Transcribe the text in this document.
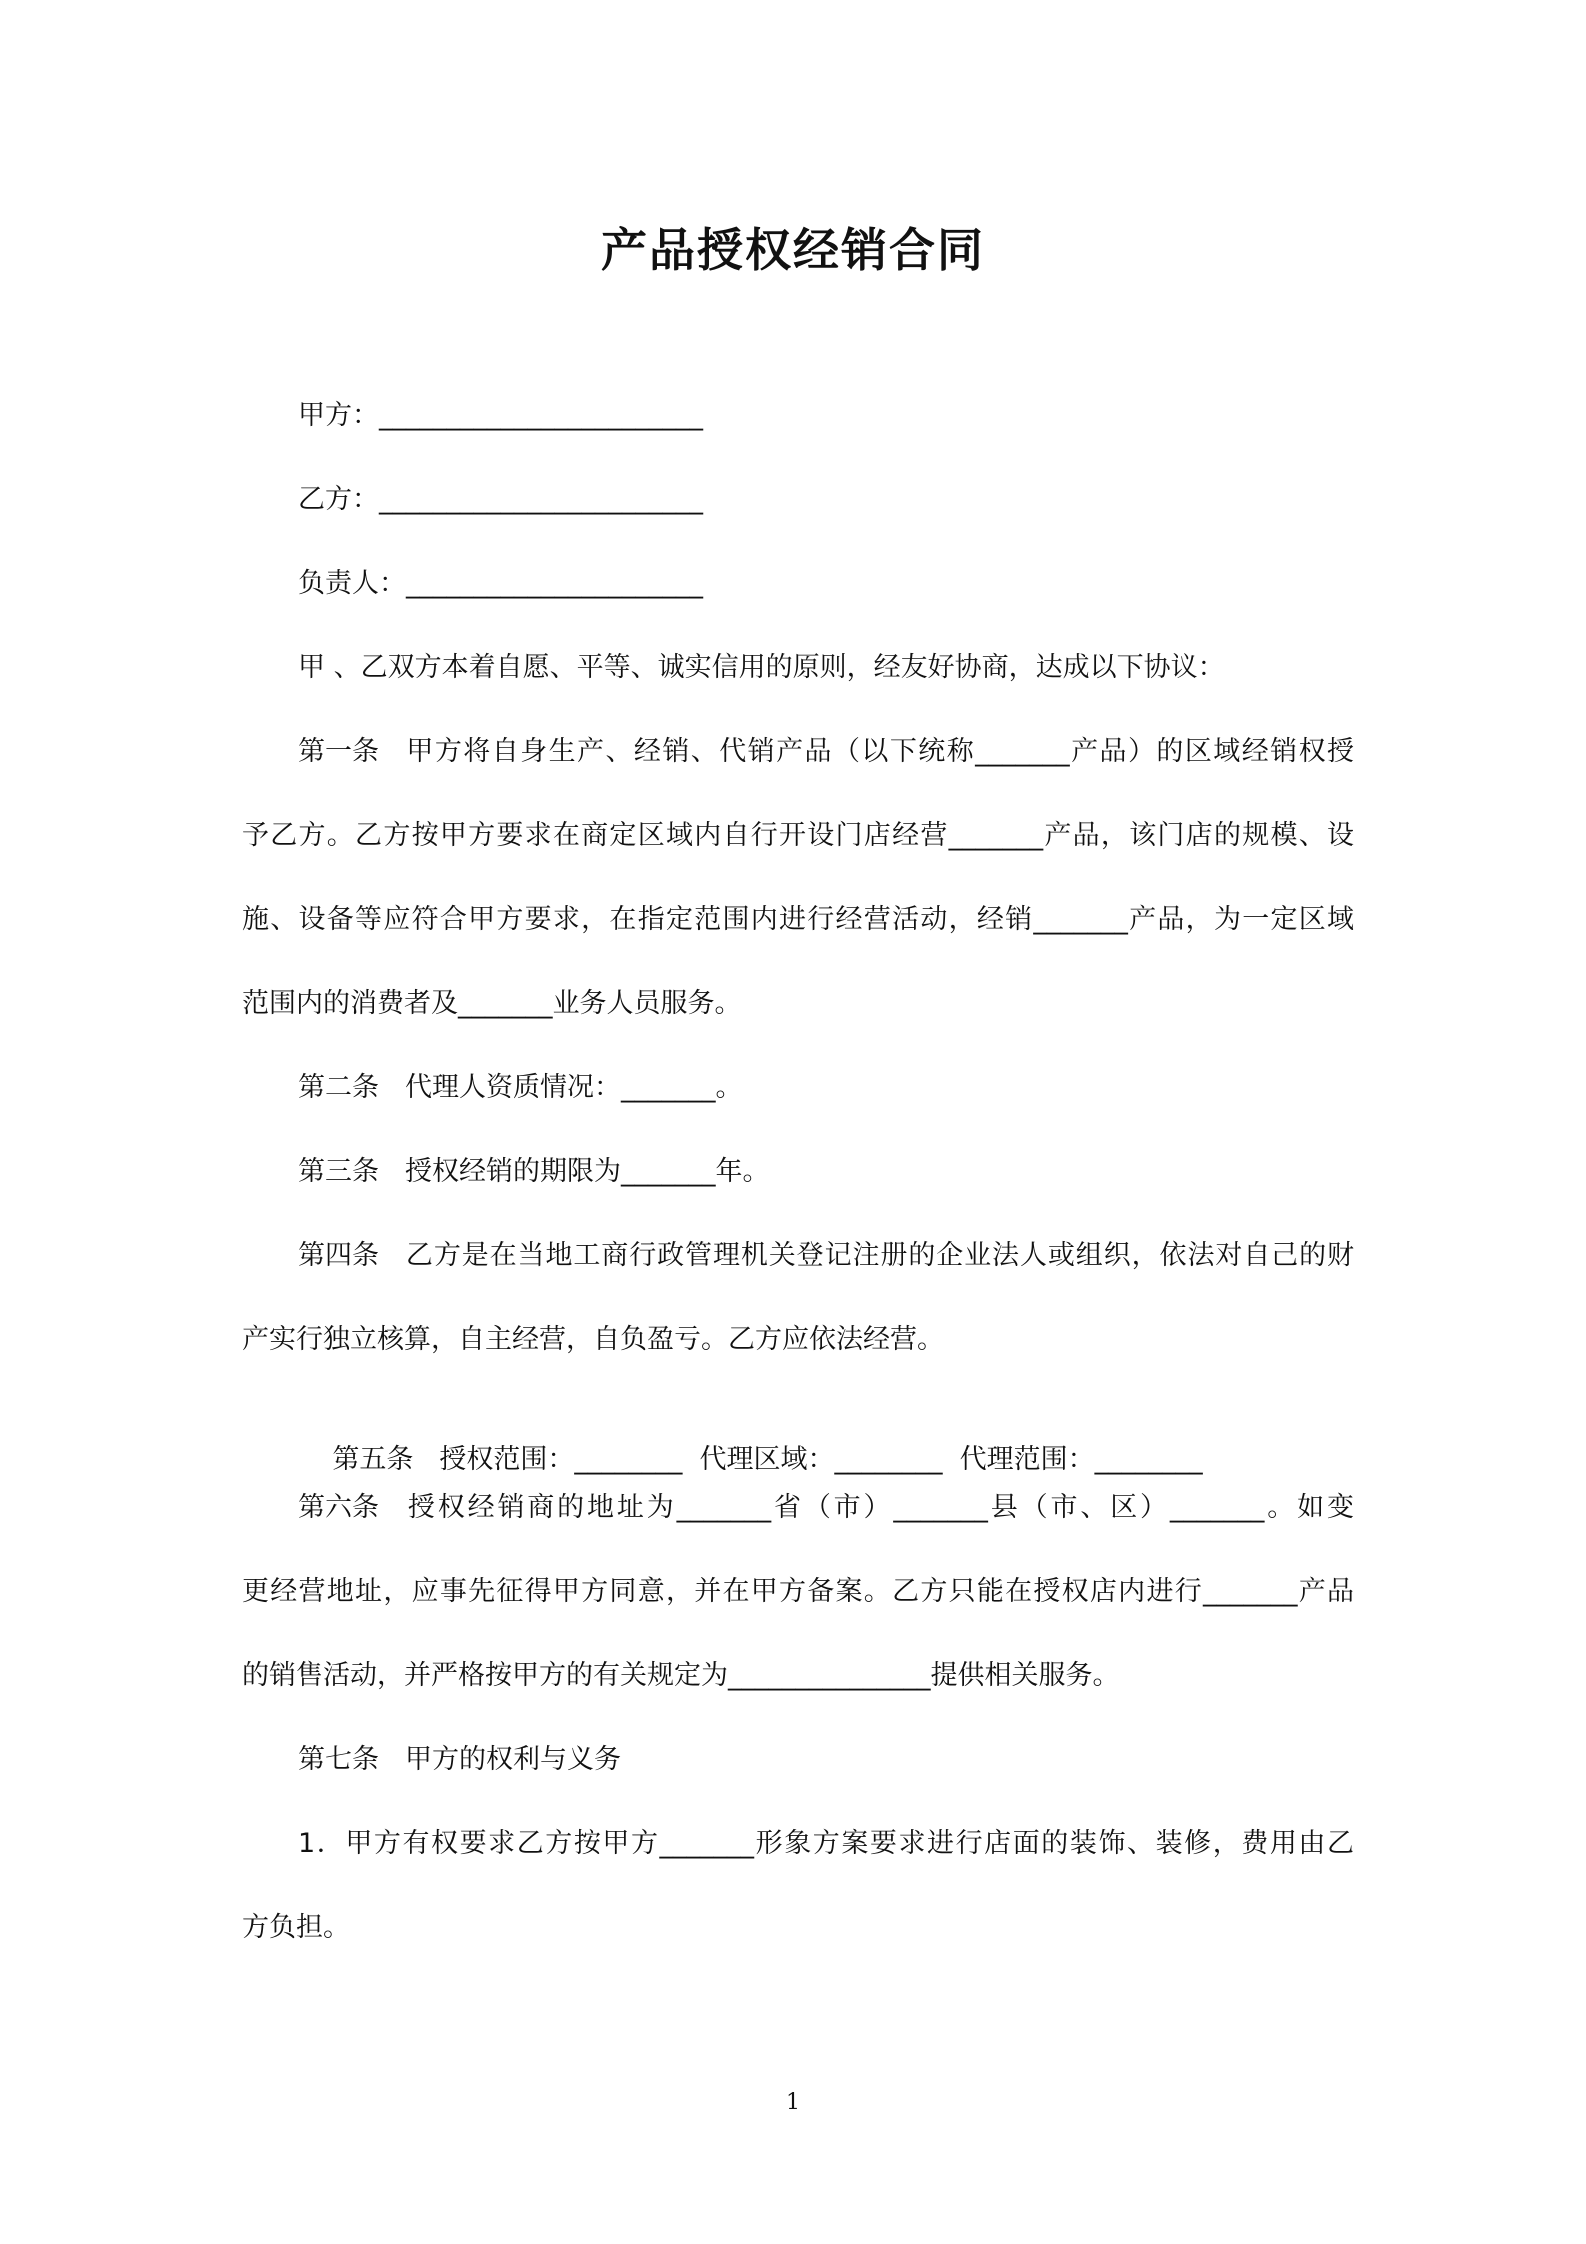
产品授权经销合同
甲方：________________________
乙方：________________________
负责人：______________________
甲 、乙双方本着自愿、平等、诚实信用的原则，经友好协商，达成以下协议：
第一条 甲方将自身生产、经销、代销产品（以下统称_______产品）的区域经销权授
予乙方。乙方按甲方要求在商定区域内自行开设门店经营_______产品，该门店的规模、设
施、设备等应符合甲方要求，在指定范围内进行经营活动，经销_______产品，为一定区域
范围内的消费者及_______业务人员服务。
第二条 代理人资质情况：_______。
第三条 授权经销的期限为_______年。
第四条 乙方是在当地工商行政管理机关登记注册的企业法人或组织，依法对自己的财
产实行独立核算，自主经营，自负盈亏。乙方应依法经营。

第五条 授权范围：________  代理区域：________  代理范围：________

第六条 授权经销商的地址为_______省（市）_______县（市、区）_______。如变
更经营地址，应事先征得甲方同意，并在甲方备案。乙方只能在授权店内进行_______产品
的销售活动，并严格按甲方的有关规定为_______________提供相关服务。
第七条 甲方的权利与义务
1．甲方有权要求乙方按甲方_______形象方案要求进行店面的装饰、装修，费用由乙
方负担。
1
